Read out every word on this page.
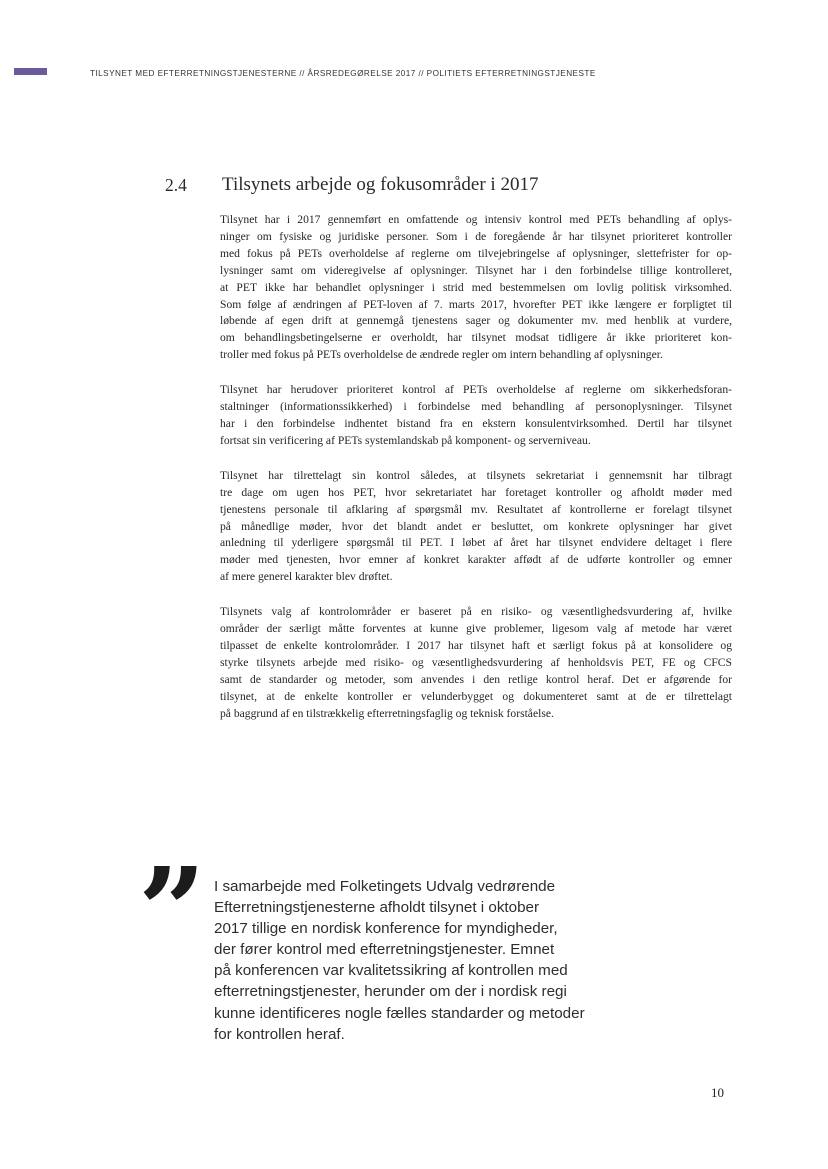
TILSYNET MED EFTERRETNINGSTJENESTERNE // ÅRSREDEGØRELSE 2017 // POLITIETS EFTERRETNINGSTJENESTE
2.4 Tilsynets arbejde og fokusområder i 2017

Tilsynet har i 2017 gennemført en omfattende og intensiv kontrol med PETs behandling af oplys-
ninger om fysiske og juridiske personer. Som i de foregående år har tilsynet prioriteret kontroller
med fokus på PETs overholdelse af reglerne om tilvejebringelse af oplysninger, slettefrister for op-
lysninger samt om videregivelse af oplysninger. Tilsynet har i den forbindelse tillige kontrolleret,
at PET ikke har behandlet oplysninger i strid med bestemmelsen om lovlig politisk virksomhed.
Som følge af ændringen af PET-loven af 7. marts 2017, hvorefter PET ikke længere er forpligtet til
løbende af egen drift at gennemgå tjenestens sager og dokumenter mv. med henblik at vurdere,
om behandlingsbetingelserne er overholdt, har tilsynet modsat tidligere år ikke prioriteret kon-
troller med fokus på PETs overholdelse de ændrede regler om intern behandling af oplysninger.

Tilsynet har herudover prioriteret kontrol af PETs overholdelse af reglerne om sikkerhedsforan-
staltninger (informationssikkerhed) i forbindelse med behandling af personoplysninger. Tilsynet
har i den forbindelse indhentet bistand fra en ekstern konsulentvirksomhed. Dertil har tilsynet
fortsat sin verificering af PETs systemlandskab på komponent- og serverniveau.

Tilsynet har tilrettelagt sin kontrol således, at tilsynets sekretariat i gennemsnit har tilbragt
tre dage om ugen hos PET, hvor sekretariatet har foretaget kontroller og afholdt møder med
tjenestens personale til afklaring af spørgsmål mv. Resultatet af kontrollerne er forelagt tilsynet
på månedlige møder, hvor det blandt andet er besluttet, om konkrete oplysninger har givet
anledning til yderligere spørgsmål til PET. I løbet af året har tilsynet endvidere deltaget i flere
møder med tjenesten, hvor emner af konkret karakter affødt af de udførte kontroller og emner
af mere generel karakter blev drøftet.

Tilsynets valg af kontrolområder er baseret på en risiko- og væsentlighedsvurdering af, hvilke
områder der særligt måtte forventes at kunne give problemer, ligesom valg af metode har været
tilpasset de enkelte kontrolområder. I 2017 har tilsynet haft et særligt fokus på at konsolidere og
styrke tilsynets arbejde med risiko- og væsentlighedsvurdering af henholdsvis PET, FE og CFCS
samt de standarder og metoder, som anvendes i den retlige kontrol heraf. Det er afgørende for
tilsynet, at de enkelte kontroller er velunderbygget og dokumenteret samt at de er tilrettelagt
på baggrund af en tilstrækkelig efterretningsfaglig og teknisk forståelse.

” I samarbejde med Folketingets Udvalg vedrørende
Efterretningstjenesterne afholdt tilsynet i oktober
2017 tillige en nordisk konference for myndigheder,
der fører kontrol med efterretningstjenester. Emnet
på konferencen var kvalitetssikring af kontrollen med
efterretningstjenester, herunder om der i nordisk regi
kunne identificeres nogle fælles standarder og metoder
for kontrollen heraf.
10
